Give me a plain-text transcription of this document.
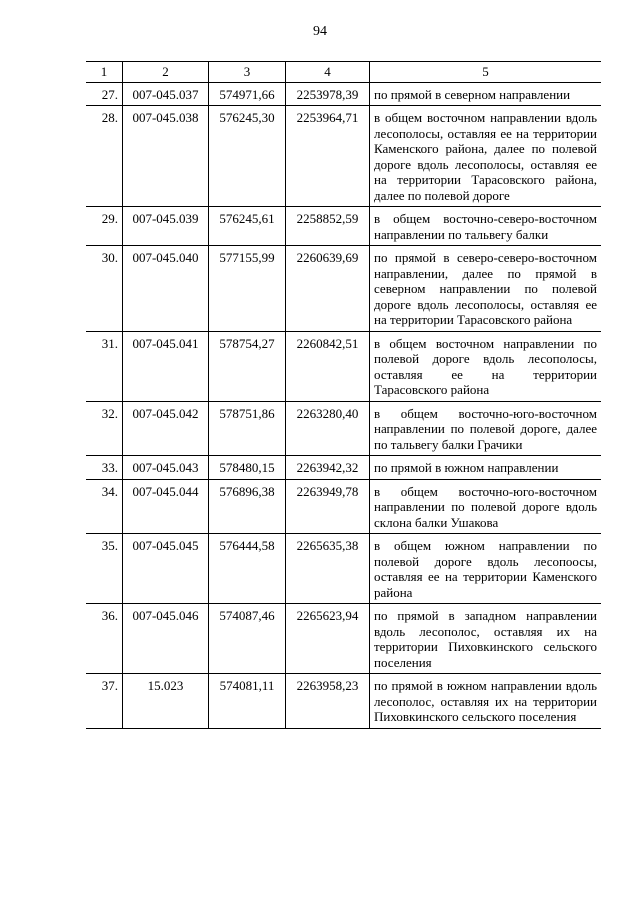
94
1	2	3	4	5
27.	007-045.037	574971,66	2253978,39	по прямой в северном направлении
28.	007-045.038	576245,30	2253964,71	в общем восточном направлении вдоль лесополосы, оставляя ее на территории Каменского района, далее по полевой дороге вдоль лесополосы, оставляя ее на территории Тарасовского района, далее по полевой дороге
29.	007-045.039	576245,61	2258852,59	в общем восточно-северо-восточном направлении по тальвегу балки
30.	007-045.040	577155,99	2260639,69	по прямой в северо-северо-восточном направлении, далее по прямой в северном направлении по полевой дороге вдоль лесополосы, оставляя ее на территории Тарасовского района
31.	007-045.041	578754,27	2260842,51	в общем восточном направлении по полевой дороге вдоль лесополосы, оставляя ее на территории Тарасовского района
32.	007-045.042	578751,86	2263280,40	в общем восточно-юго-восточном направлении по полевой дороге, далее по тальвегу балки Грачики
33.	007-045.043	578480,15	2263942,32	по прямой в южном направлении
34.	007-045.044	576896,38	2263949,78	в общем восточно-юго-восточном направлении по полевой дороге вдоль склона балки Ушакова
35.	007-045.045	576444,58	2265635,38	в общем южном направлении по полевой дороге вдоль лесопоосы, оставляя ее на территории Каменского района
36.	007-045.046	574087,46	2265623,94	по прямой в западном направлении вдоль лесополос, оставляя их на территории Пиховкинского сельского поселения
37.	15.023	574081,11	2263958,23	по прямой в южном направлении вдоль лесополос, оставляя их на территории Пиховкинского сельского поселения
